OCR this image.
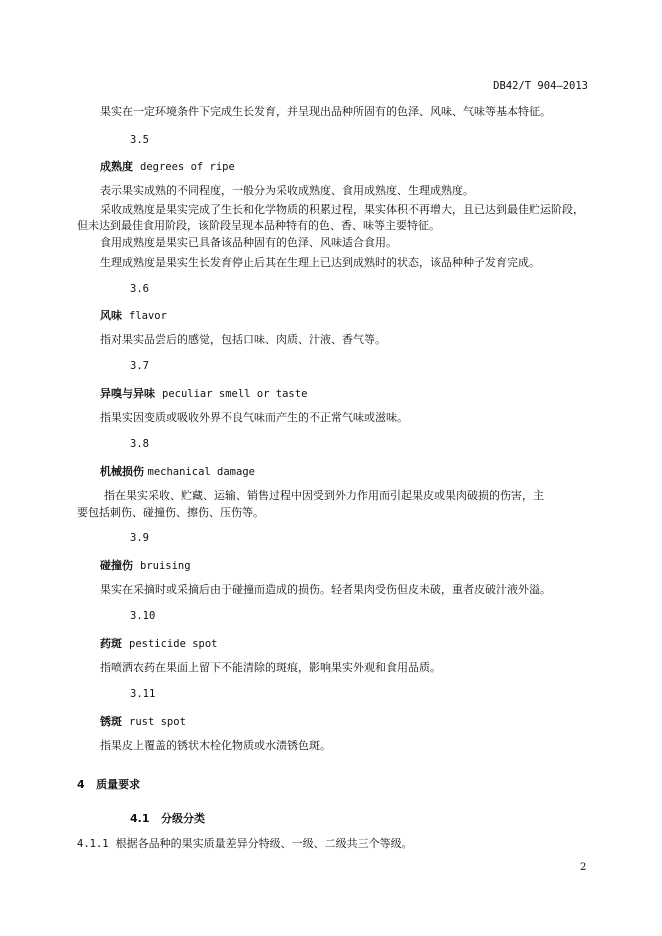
DB42/T 904—2013
果实在一定环境条件下完成生长发育，并呈现出品种所固有的色泽、风味、气味等基本特征。
3.5
成熟度 degrees of ripe
表示果实成熟的不同程度，一般分为采收成熟度、食用成熟度、生理成熟度。
采收成熟度是果实完成了生长和化学物质的积累过程，果实体积不再增大，且已达到最佳贮运阶段，
但未达到最佳食用阶段，该阶段呈现本品种特有的色、香、味等主要特征。
食用成熟度是果实已具备该品种固有的色泽、风味适合食用。
生理成熟度是果实生长发育停止后其在生理上已达到成熟时的状态，该品种种子发育完成。
3.6
风味 flavor
指对果实品尝后的感觉，包括口味、肉质、汁液、香气等。
3.7
异嗅与异味 peculiar smell or taste
指果实因变质或吸收外界不良气味而产生的不正常气味或滋味。
3.8
机械损伤 mechanical damage
指在果实采收、贮藏、运输、销售过程中因受到外力作用而引起果皮或果肉破损的伤害，主
要包括刺伤、碰撞伤、擦伤、压伤等。
3.9
碰撞伤 bruising
果实在采摘时或采摘后由于碰撞而造成的损伤。轻者果肉受伤但皮未破，重者皮破汁液外溢。
3.10
药斑 pesticide spot
指喷洒农药在果面上留下不能清除的斑痕，影响果实外观和食用品质。
3.11
锈斑 rust spot
指果皮上覆盖的锈状木栓化物质或水渍锈色斑。
4 质量要求
4.1 分级分类
4.1.1 根据各品种的果实质量差异分特级、一级、二级共三个等级。
2
